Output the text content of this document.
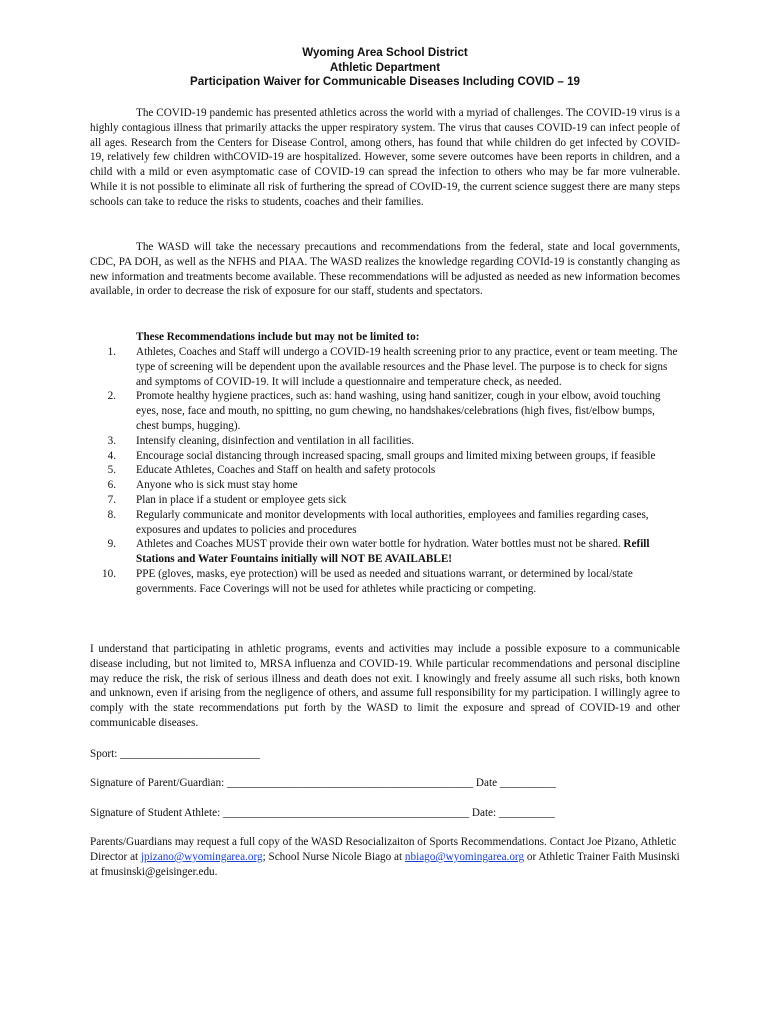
Wyoming Area School District
Athletic Department
Participation Waiver for Communicable Diseases Including COVID – 19

The COVID-19 pandemic has presented athletics across the world with a myriad of challenges. The COVID-19 virus is a highly contagious illness that primarily attacks the upper respiratory system. The virus that causes COVID-19 can infect people of all ages. Research from the Centers for Disease Control, among others, has found that while children do get infected by COVID-19, relatively few children withCOVID-19 are hospitalized. However, some severe outcomes have been reports in children, and a child with a mild or even asymptomatic case of COVID-19 can spread the infection to others who may be far more vulnerable. While it is not possible to eliminate all risk of furthering the spread of COvID-19, the current science suggest there are many steps schools can take to reduce the risks to students, coaches and their families.

The WASD will take the necessary precautions and recommendations from the federal, state and local governments, CDC, PA DOH, as well as the NFHS and PIAA. The WASD realizes the knowledge regarding COVId-19 is constantly changing as new information and treatments become available. These recommendations will be adjusted as needed as new information becomes available, in order to decrease the risk of exposure for our staff, students and spectators.

These Recommendations include but may not be limited to:
1.	Athletes, Coaches and Staff will undergo a COVID-19 health screening prior to any practice, event or team meeting. The type of screening will be dependent upon the available resources and the Phase level. The purpose is to check for signs and symptoms of COVID-19. It will include a questionnaire and temperature check, as needed.
2.	Promote healthy hygiene practices, such as: hand washing, using hand sanitizer, cough in your elbow, avoid touching eyes, nose, face and mouth, no spitting, no gum chewing, no handshakes/celebrations (high fives, fist/elbow bumps, chest bumps, hugging).
3.	Intensify cleaning, disinfection and ventilation in all facilities.
4.	Encourage social distancing through increased spacing, small groups and limited mixing between groups, if feasible
5.	Educate Athletes, Coaches and Staff on health and safety protocols
6.	Anyone who is sick must stay home
7.	Plan in place if a student or employee gets sick
8.	Regularly communicate and monitor developments with local authorities, employees and families regarding cases, exposures and updates to policies and procedures
9.	Athletes and Coaches MUST provide their own water bottle for hydration. Water bottles must not be shared. Refill Stations and Water Fountains initially will NOT BE AVAILABLE!
10.	PPE (gloves, masks, eye protection) will be used as needed and situations warrant, or determined by local/state governments. Face Coverings will not be used for athletes while practicing or competing.

I understand that participating in athletic programs, events and activities may include a possible exposure to a communicable disease including, but not limited to, MRSA influenza and COVID-19. While particular recommendations and personal discipline may reduce the risk, the risk of serious illness and death does not exit. I knowingly and freely assume all such risks, both known and unknown, even if arising from the negligence of others, and assume full responsibility for my participation. I willingly agree to comply with the state recommendations put forth by the WASD to limit the exposure and spread of COVID-19 and other communicable diseases.

Sport: _________________________
Signature of Parent/Guardian: ____________________________________________ Date __________
Signature of Student Athlete: ____________________________________________ Date: __________

Parents/Guardians may request a full copy of the WASD Resocializaiton of Sports Recommendations. Contact Joe Pizano, Athletic Director at jpizano@wyomingarea.org; School Nurse Nicole Biago at nbiago@wyomingarea.org or Athletic Trainer Faith Musinski at fmusinski@geisinger.edu.
